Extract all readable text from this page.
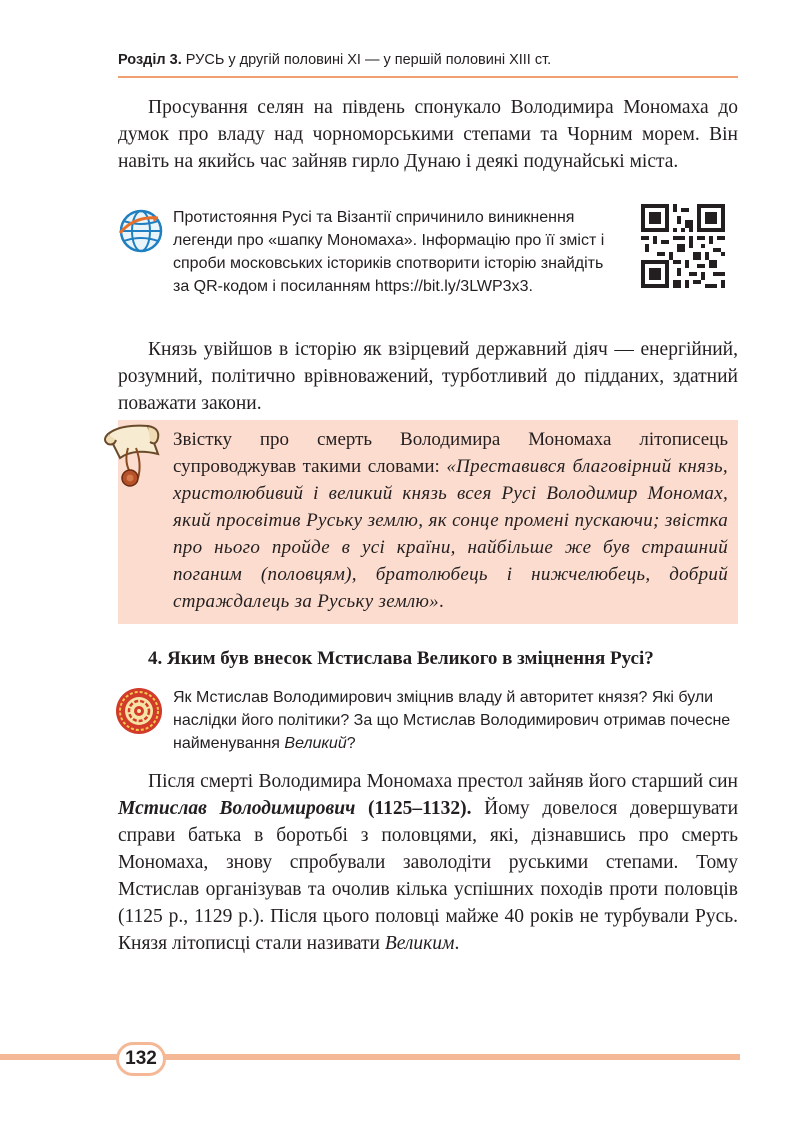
Розділ 3. РУСЬ у другій половині XI — у першій половині XIII ст.

Просування селян на південь спонукало Володимира Мономаха до думок про владу над чорноморськими степами та Чорним морем. Він навіть на якийсь час зайняв гирло Дунаю і деякі подунайські міста.

Протистояння Русі та Візантії спричинило виникнення легенди про «шапку Мономаха». Інформацію про її зміст і спроби московських істориків спотворити історію знайдіть за QR-кодом і посиланням https://bit.ly/3LWP3x3.

Князь увійшов в історію як взірцевий державний діяч — енергійний, розумний, політично врівноважений, турботливий до підданих, здатний поважати закони.

Звістку про смерть Володимира Мономаха літописець супроводжував такими словами: «Преставився благовірний князь, христолюбивий і великий князь всея Русі Володимир Мономах, який просвітив Руську землю, як сонце промені пускаючи; звістка про нього пройде в усі країни, найбільше же був страшний поганим (половцям), братолюбець і нижчелюбець, добрий страждалець за Руську землю».
4. Яким був внесок Мстислава Великого в зміцнення Русі?
Як Мстислав Володимирович зміцнив владу й авторитет князя? Які були наслідки його політики? За що Мстислав Володимирович отримав почесне найменування Великий?

Після смерті Володимира Мономаха престол зайняв його старший син Мстислав Володимирович (1125–1132). Йому довелося довершувати справи батька в боротьбі з половцями, які, дізнавшись про смерть Мономаха, знову спробували заволодіти руськими степами. Тому Мстислав організував та очолив кілька успішних походів проти половців (1125 р., 1129 р.). Після цього половці майже 40 років не турбували Русь. Князя літописці стали називати Великим.

132
